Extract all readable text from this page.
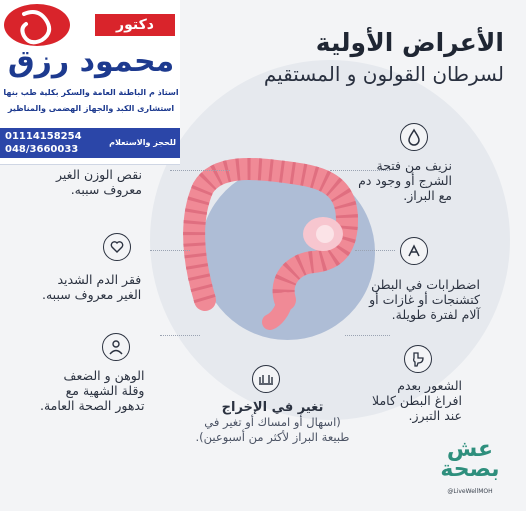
الأعراض الأولية
لسرطان القولون و المستقيم
دكتور
محمود رزق
استاذ م الباطنة العامة والسكر بكلية طب بنها
استشارى الكبد والجهاز الهضمى والمناظير
01114158254
048/3660033
للحجز والاستعلام
نزيف من فتحة
الشرج أو وجود دم
مع البراز.
اضطرابات في البطن
كتشنجات أو غازات أو
آلام لفترة طويلة.
الشعور بعدم
افراغ البطن كاملا
عند التبرز.
نقص الوزن الغير
معروف سببه.
فقر الدم الشديد
الغير معروف سببه.
الوهن و الضعف
وقلة الشهية مع
تدهور الصحة العامة.	تغير في الإخراج
(اسهال أو امساك أو تغير في
طبيعة البراز لأكثر من أسبوعين).	عش بصحة
@LiveWellMOH
